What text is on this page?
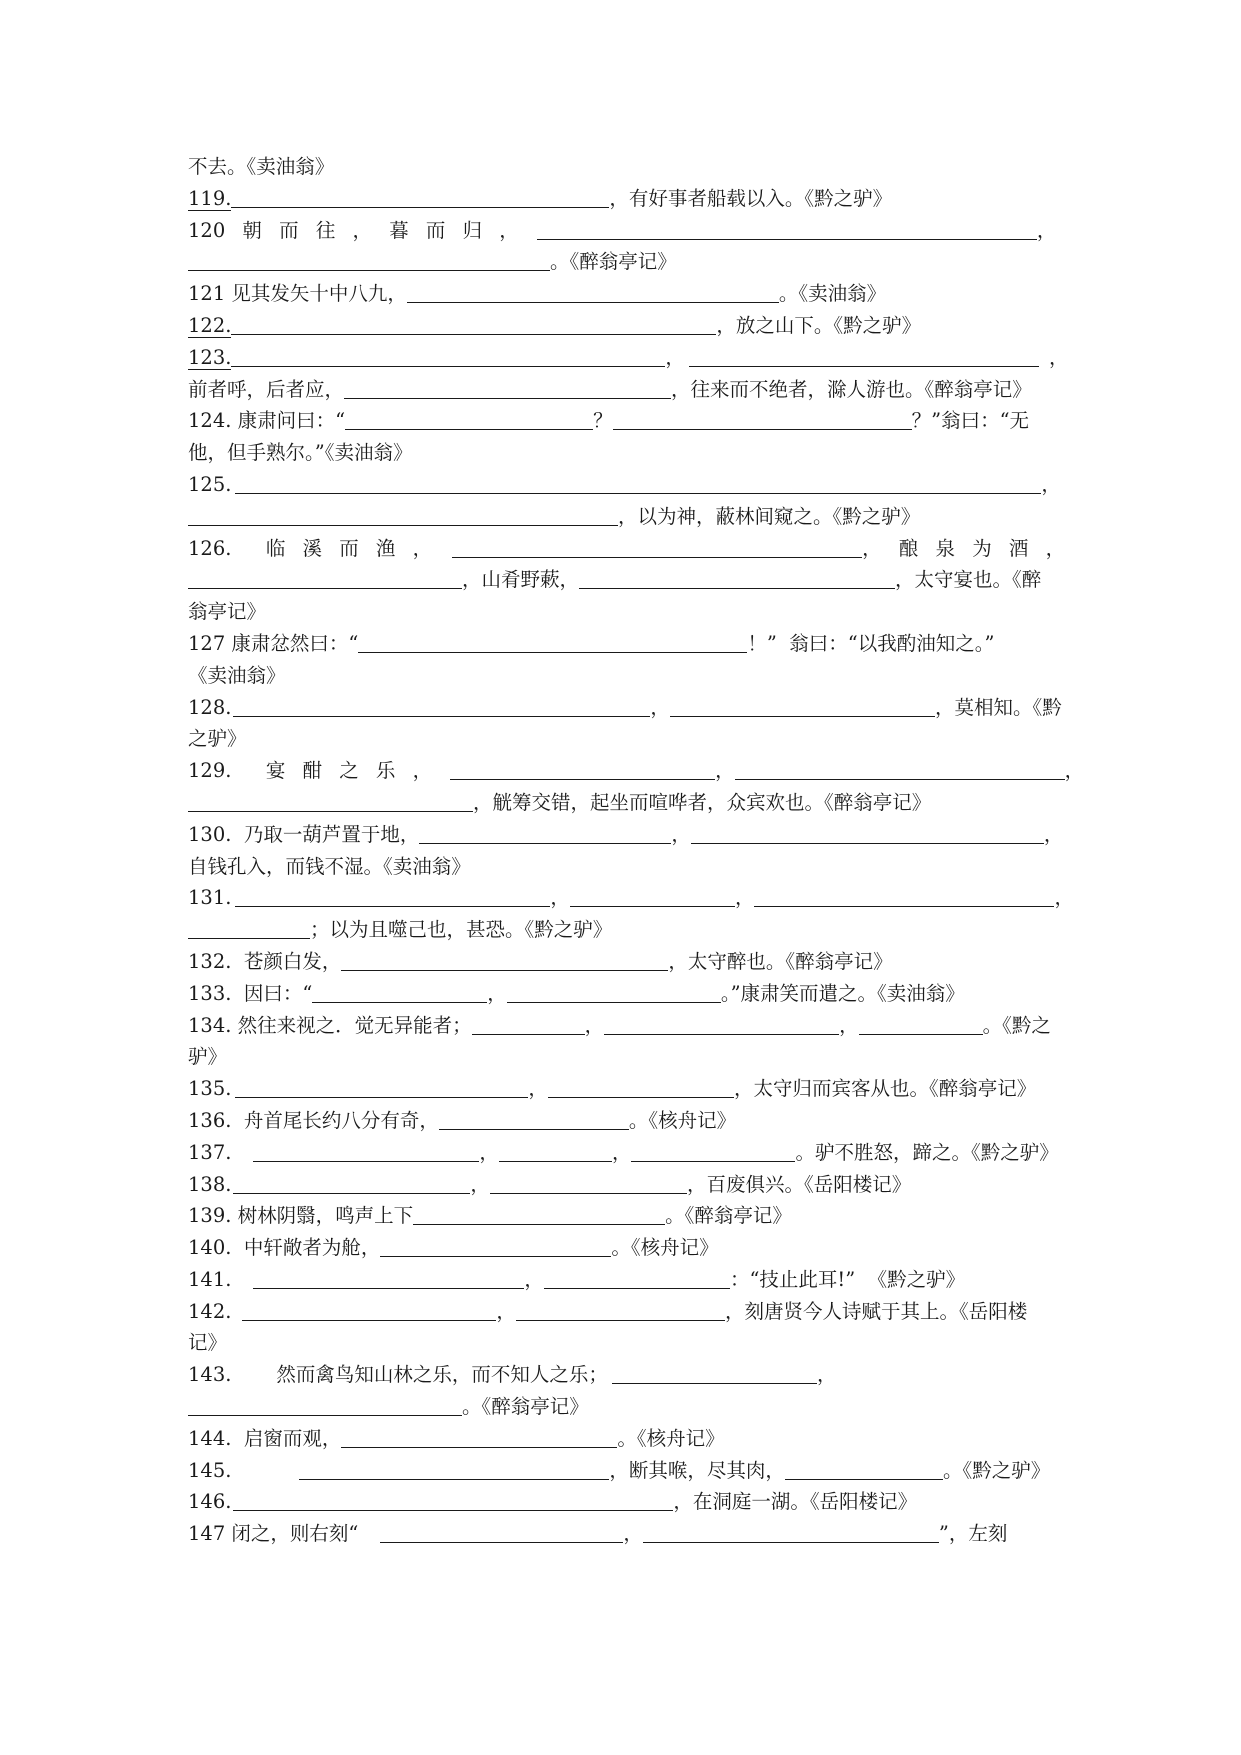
不去。《卖油翁》
119.	，有好事者船载以入。《黔之驴》
120 朝 而 往 ， 暮 而 归 ，	，
。《醉翁亭记》
121 见其发矢十中八九，	。《卖油翁》
122.	，放之山下。《黔之驴》
123.	，	，
前者呼，后者应，	，往来而不绝者，滁人游也。《醉翁亭记》
124. 康肃问曰：“	？	？”翁曰：“无
他，但手熟尔。”《卖油翁》
125.	，
，以为神，蔽林间窥之。《黔之驴》
126.  临 溪 而 渔 ，	， 酿 泉 为 酒 ，
，山肴野蔌，	，太守宴也。《醉
翁亭记》
127 康肃忿然曰：“	！”  翁曰：“以我酌油知之。”
《卖油翁》
128.	，	，莫相知。《黔
之驴》
129.  宴 酣 之 乐 ，	，	，
，觥筹交错，起坐而喧哗者，众宾欢也。《醉翁亭记》
130.  乃取一葫芦置于地，	，	，
自钱孔入，而钱不湿。《卖油翁》
131.	，	，	，
；以为且噬己也，甚恐。《黔之驴》
132.  苍颜白发，	，太守醉也。《醉翁亭记》
133.  因曰：“	，	。”康肃笑而遣之。《卖油翁》
134. 然往来视之．觉无异能者；	，	，	。《黔之
驴》
135.	，	，太守归而宾客从也。《醉翁亭记》
136.  舟首尾长约八分有奇，	。《核舟记》
137.	，	，	。驴不胜怒，蹄之。《黔之驴》
138.	，	，百废俱兴。《岳阳楼记》
139. 树林阴翳，鸣声上下	。《醉翁亭记》
140.  中轩敞者为舱，	。《核舟记》
141.	，	：“技止此耳!”  《黔之驴》
142.	，	，刻唐贤今人诗赋于其上。《岳阳楼
记》
143. 然而禽鸟知山林之乐，而不知人之乐；	，
。《醉翁亭记》
144.  启窗而观，	。《核舟记》
145.	，断其喉，尽其肉，	。《黔之驴》
146.	，在洞庭一湖。《岳阳楼记》
147 闭之，则右刻“	，	”，左刻
